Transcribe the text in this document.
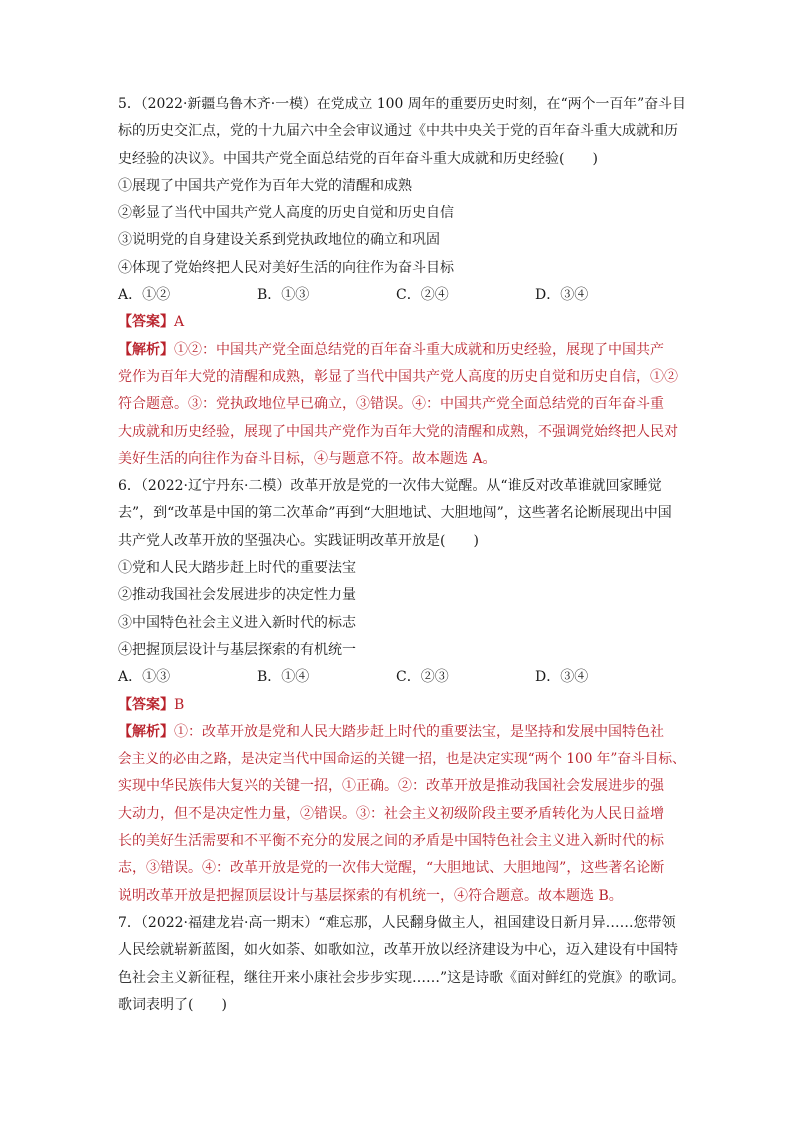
5．（2022·新疆乌鲁木齐·一模）在党成立 100 周年的重要历史时刻，在“两个一百年”奋斗目
标的历史交汇点，党的十九届六中全会审议通过《中共中央关于党的百年奋斗重大成就和历
史经验的决议》。中国共产党全面总结党的百年奋斗重大成就和历史经验(　　)
①展现了中国共产党作为百年大党的清醒和成熟
②彰显了当代中国共产党人高度的历史自觉和历史自信
③说明党的自身建设关系到党执政地位的确立和巩固
④体现了党始终把人民对美好生活的向往作为奋斗目标
A．①②	B．①③	C．②④	D．③④
【答案】A
【解析】①②：中国共产党全面总结党的百年奋斗重大成就和历史经验，展现了中国共产
党作为百年大党的清醒和成熟，彰显了当代中国共产党人高度的历史自觉和历史自信，①②
符合题意。③：党执政地位早已确立，③错误。④：中国共产党全面总结党的百年奋斗重
大成就和历史经验，展现了中国共产党作为百年大党的清醒和成熟，不强调党始终把人民对
美好生活的向往作为奋斗目标，④与题意不符。故本题选 A。
6．（2022·辽宁丹东·二模）改革开放是党的一次伟大觉醒。从“谁反对改革谁就回家睡觉
去”，到“改革是中国的第二次革命”再到“大胆地试、大胆地闯”，这些著名论断展现出中国
共产党人改革开放的坚强决心。实践证明改革开放是(　　)
①党和人民大踏步赶上时代的重要法宝
②推动我国社会发展进步的决定性力量
③中国特色社会主义进入新时代的标志
④把握顶层设计与基层探索的有机统一
A．①③	B．①④	C．②③	D．③④
【答案】B
【解析】①：改革开放是党和人民大踏步赶上时代的重要法宝，是坚持和发展中国特色社
会主义的必由之路，是决定当代中国命运的关键一招，也是决定实现“两个 100 年”奋斗目标、
实现中华民族伟大复兴的关键一招，①正确。②：改革开放是推动我国社会发展进步的强
大动力，但不是决定性力量，②错误。③：社会主义初级阶段主要矛盾转化为人民日益增
长的美好生活需要和不平衡不充分的发展之间的矛盾是中国特色社会主义进入新时代的标
志，③错误。④：改革开放是党的一次伟大觉醒，“大胆地试、大胆地闯”，这些著名论断
说明改革开放是把握顶层设计与基层探索的有机统一，④符合题意。故本题选 B。
7．（2022·福建龙岩·高一期末）“难忘那，人民翻身做主人，祖国建设日新月异……您带领
人民绘就崭新蓝图，如火如荼、如歌如泣，改革开放以经济建设为中心，迈入建设有中国特
色社会主义新征程，继往开来小康社会步步实现……”这是诗歌《面对鲜红的党旗》的歌词。
歌词表明了(　　)
